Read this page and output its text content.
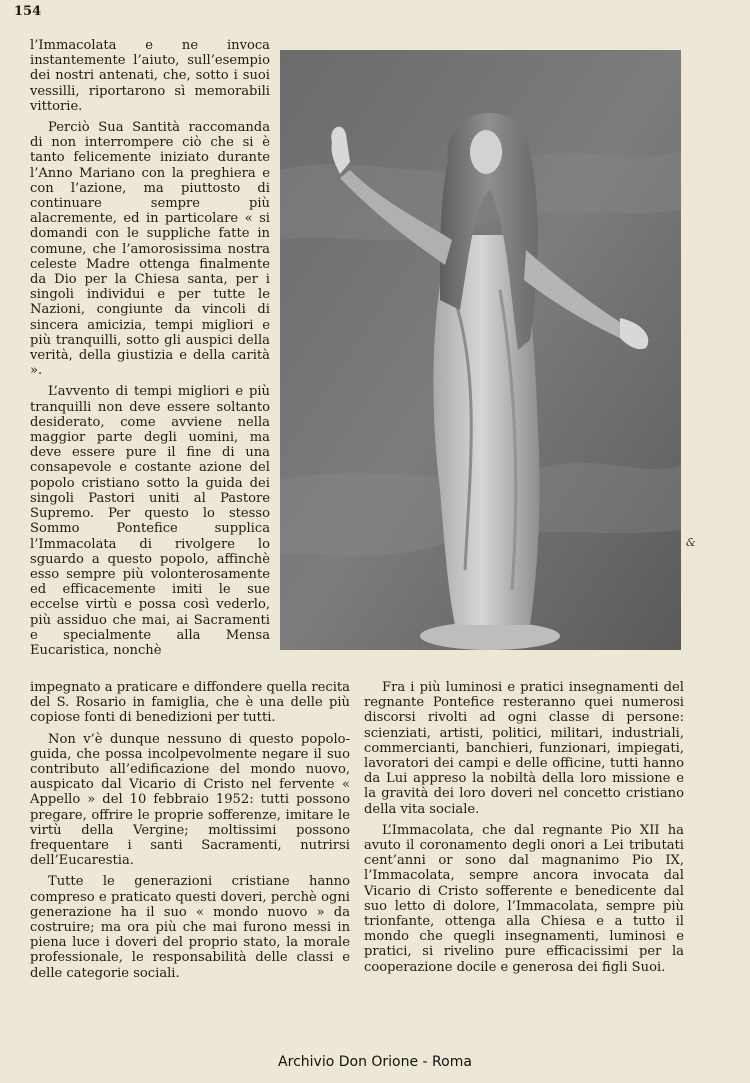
154

l’Immacolata e ne invoca instantemente l’aiuto, sull’esempio dei nostri antenati, che, sotto i suoi vessilli, riportarono sì memorabili vittorie.

Perciò Sua Santità raccomanda di non interrompere ciò che si è tanto felicemente iniziato durante l’Anno Mariano con la preghiera e con l’azione, ma piuttosto di continuare sempre più alacremente, ed in particolare « si domandi con le suppliche fatte in comune, che l’amorosissima nostra celeste Madre ottenga finalmente da Dio per la Chiesa santa, per i singoli individui e per tutte le Nazioni, congiunte da vincoli di sincera amicizia, tempi migliori e più tranquilli, sotto gli auspici della verità, della giustizia e della carità ».

L’avvento di tempi migliori e più tranquilli non deve essere soltanto desiderato, come avviene nella maggior parte degli uomini, ma deve essere pure il fine di una consapevole e costante azione del popolo cristiano sotto la guida dei singoli Pastori uniti al Pastore Supremo. Per questo lo stesso Sommo Pontefice supplica l’Immacolata di rivolgere lo sguardo a questo popolo, affinchè esso sempre più volonterosamente ed efficacemente imiti le sue eccelse virtù e possa così vederlo, più assiduo che mai, ai Sacramenti e specialmente alla Mensa Eucaristica, nonchè

&

impegnato a praticare e diffondere quella recita del S. Rosario in famiglia, che è una delle più copiose fonti di benedizioni per tutti.

Non v’è dunque nessuno di questo popolo-guida, che possa incolpevolmente negare il suo contributo all’edificazione del mondo nuovo, auspicato dal Vicario di Cristo nel fervente « Appello » del 10 febbraio 1952: tutti possono pregare, offrire le proprie sofferenze, imitare le virtù della Vergine; moltissimi possono frequentare i santi Sacramenti, nutrirsi dell’Eucarestia.

Tutte le generazioni cristiane hanno compreso e praticato questi doveri, perchè ogni generazione ha il suo « mondo nuovo » da costruire; ma ora più che mai furono messi in piena luce i doveri del proprio stato, la morale professionale, le responsabilità delle classi e delle categorie sociali.

Fra i più luminosi e pratici insegnamenti del regnante Pontefice resteranno quei numerosi discorsi rivolti ad ogni classe di persone: scienziati, artisti, politici, militari, industriali, commercianti, banchieri, funzionari, impiegati, lavoratori dei campi e delle officine, tutti hanno da Lui appreso la nobiltà della loro missione e la gravità dei loro doveri nel concetto cristiano della vita sociale.

L’Immacolata, che dal regnante Pio XII ha avuto il coronamento degli onori a Lei tributati cent’anni or sono dal magnanimo Pio IX, l’Immacolata, sempre ancora invocata dal Vicario di Cristo sofferente e benedicente dal suo letto di dolore, l’Immacolata, sempre più trionfante, ottenga alla Chiesa e a tutto il mondo che quegli insegnamenti, luminosi e pratici, si rivelino pure efficacissimi per la cooperazione docile e generosa dei figli Suoi.

Archivio Don Orione - Roma
